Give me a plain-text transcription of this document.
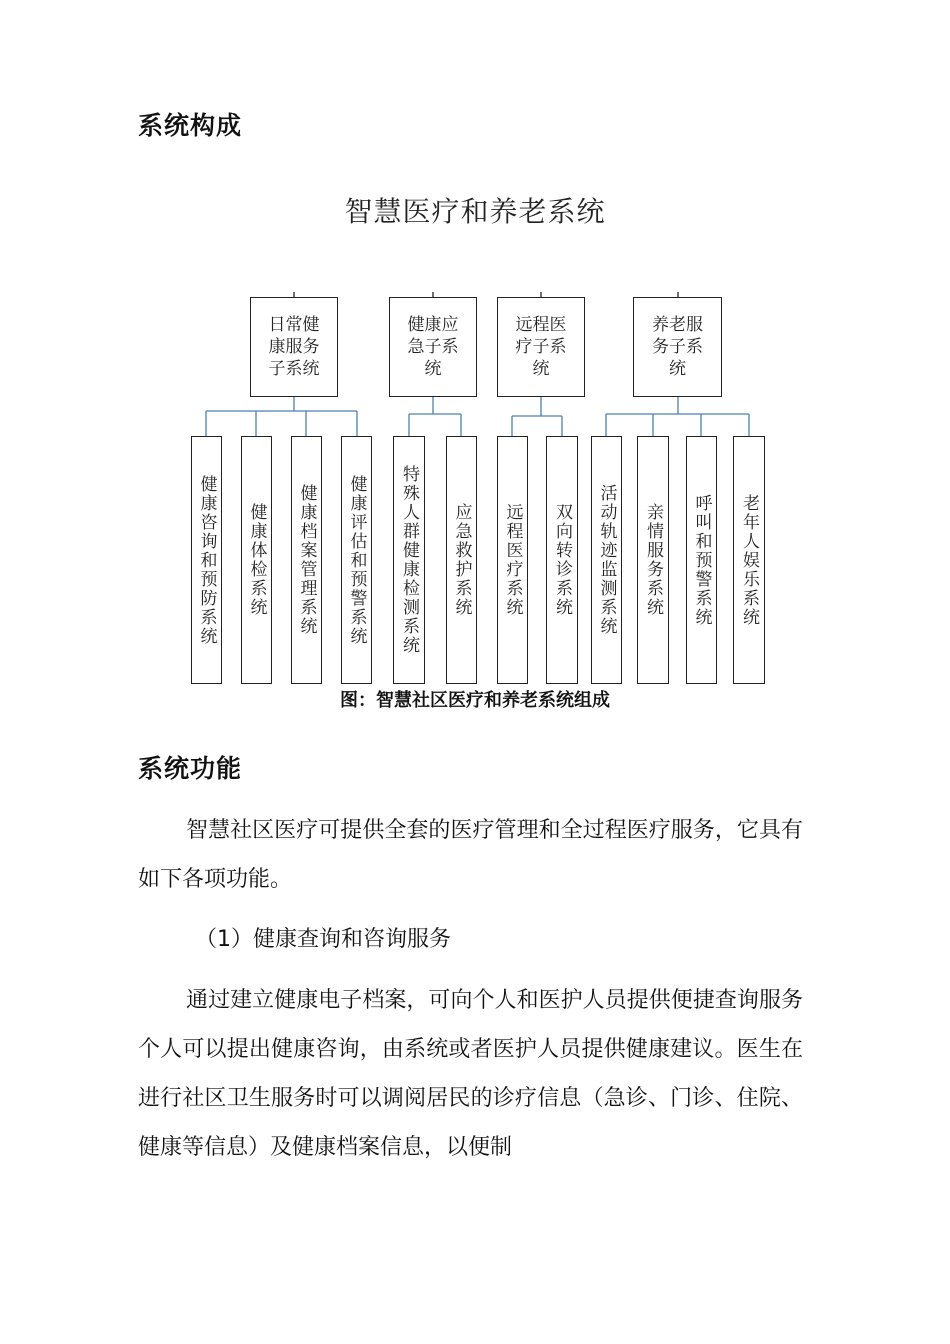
系统构成
智慧医疗和养老系统
日常健康服务子系统
健康应急子系统
远程医疗子系统
养老服务子系统
健康咨询和预防系统 健康体检系统 健康档案管理系统 健康评估和预警系统 特殊人群健康检测系统 应急救护系统 远程医疗系统 双向转诊系统 活动轨迹监测系统 亲情服务系统 呼叫和预警系统 老年人娱乐系统
图：智慧社区医疗和养老系统组成
系统功能
智慧社区医疗可提供全套的医疗管理和全过程医疗服务，它具有如下各项功能。
（1）健康查询和咨询服务
通过建立健康电子档案，可向个人和医护人员提供便捷查询服务个人可以提出健康咨询，由系统或者医护人员提供健康建议。医生在进行社区卫生服务时可以调阅居民的诊疗信息（急诊、门诊、住院、健康等信息）及健康档案信息，以便制
